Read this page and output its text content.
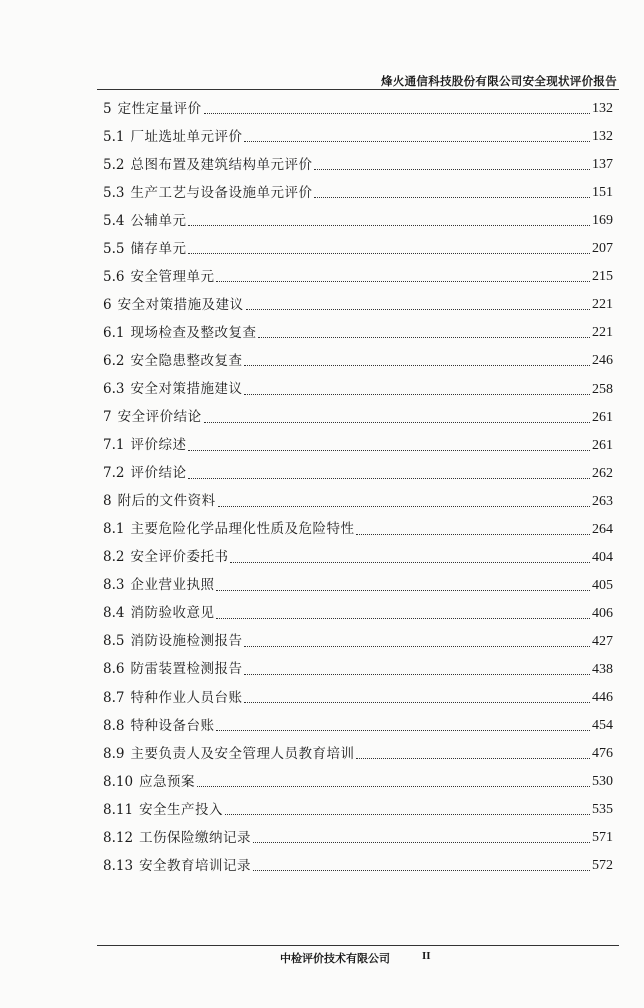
烽火通信科技股份有限公司安全现状评价报告
5 定性定量评价	132
5.1 厂址选址单元评价	132
5.2 总图布置及建筑结构单元评价	137
5.3 生产工艺与设备设施单元评价	151
5.4 公辅单元	169
5.5 储存单元	207
5.6 安全管理单元	215
6 安全对策措施及建议	221
6.1 现场检查及整改复查	221
6.2 安全隐患整改复查	246
6.3 安全对策措施建议	258
7 安全评价结论	261
7.1 评价综述	261
7.2 评价结论	262
8 附后的文件资料	263
8.1 主要危险化学品理化性质及危险特性	264
8.2 安全评价委托书	404
8.3 企业营业执照	405
8.4 消防验收意见	406
8.5 消防设施检测报告	427
8.6 防雷装置检测报告	438
8.7 特种作业人员台账	446
8.8 特种设备台账	454
8.9 主要负责人及安全管理人员教育培训	476
8.10 应急预案	530
8.11 安全生产投入	535
8.12 工伤保险缴纳记录	571
8.13 安全教育培训记录	572
中检评价技术有限公司	II
